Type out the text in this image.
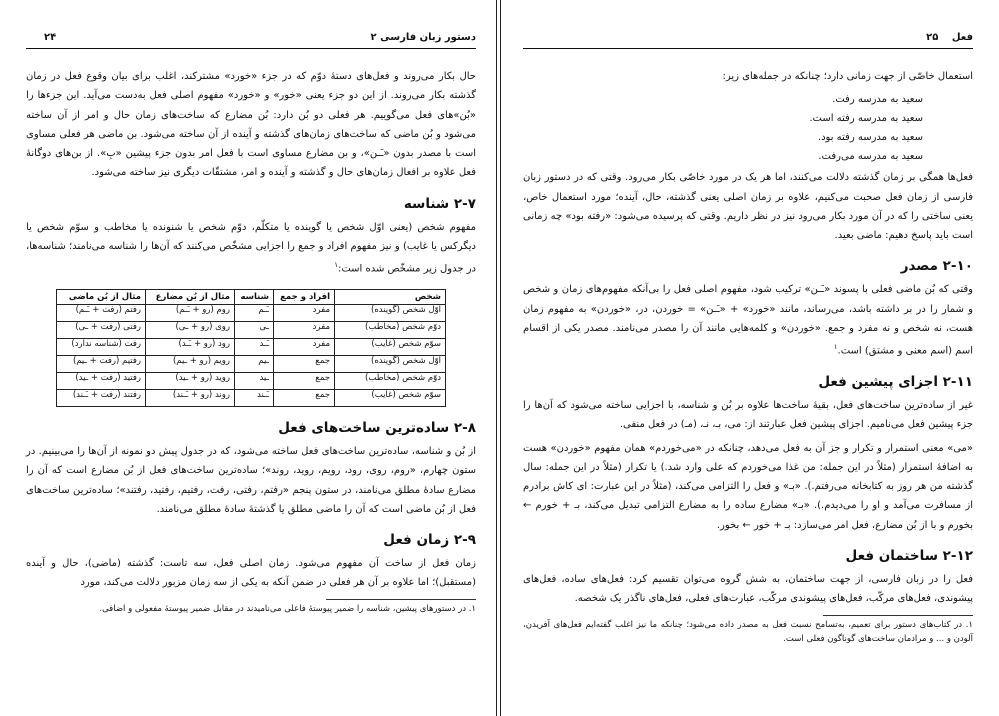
دستور زبان فارسی ۲
۲۴

حال بکار می‌روند و فعل‌های دستهٔ دوّم که در جزء «خورد» مشترکند، اغلب برای بیان وقوع فعل در زمان گذشته بکار می‌روند. از این دو جزء یعنی «خور» و «خورد» مفهوم اصلی فعل به‌دست می‌آید. این جزءها را «بُن‌»های فعل می‌گوییم. هر فعلی دو بُن دارد: بُن مضارع که ساخت‌های زمان حال و امر از آن ساخته می‌شود و بُن ماضی که ساخت‌های زمان‌های گذشته و آینده از آن ساخته می‌شود. بن ماضی هر فعلی مساوی است با مصدر بدون «ـَـن»، و بن مضارع مساوی است با فعل امر بدون جزء پیشین «بِ». از بن‌های دوگانهٔ فعل علاوه بر افعال زمان‌های حال و گذشته و آینده و امر، مشتقّات دیگری نیز ساخته می‌شود.

۲-۷ شناسه

مفهوم شخص (یعنی اوّل شخص یا گوینده یا متکلّم، دوّم شخص یا شنونده یا مخاطب و سوّم شخص یا دیگرکس یا غایب) و نیز مفهوم افراد و جمع را اجزایی مشخّص می‌کنند که آن‌ها را شناسه می‌نامند؛ شناسه‌ها، در جدول زیر مشخّص شده است:$^۱$

شخص	افراد و جمع	شناسه	مثال از بُن مضارع	مثال از بُن ماضی
اوّل شخص (گوینده)	مفرد	ـَـم	روم (رو + ـَـم)	رفتم (رفت + ـَـم)
دوّم شخص (مخاطب)	مفرد	ـی	روی (رو + ـی)	رفتی (رفت + ـی)
سوّم شخص (غایب)	مفرد	ـَـد	رود (رو + ـَـد)	رفت (شناسه ندارد)
اوّل شخص (گوینده)	جمع	ـیم	رویم (رو + ـیم)	رفتیم (رفت + ـیم)
دوّم شخص (مخاطب)	جمع	ـید	روید (رو + ـید)	رفتید (رفت + ـید)
سوّم شخص (غایب)	جمع	ـَـند	روند (رو + ـَـند)	رفتند (رفت + ـَـند)
۲-۸ ساده‌ترین ساخت‌های فعل

از بُن و شناسه، ساده‌ترین ساخت‌های فعل ساخته می‌شود، که در جدول پیش دو نمونه از آن‌ها را می‌بینیم. در ستون چهارم، «روم، روی، رود، رویم، روید، روند»؛ ساده‌ترین ساخت‌های فعل از بُن مضارع است که آن را مضارع سادهٔ مطلق می‌نامند، در ستون پنجم «رفتم، رفتی، رفت، رفتیم، رفتید، رفتند»؛ ساده‌ترین ساخت‌های فعل از بُن ماضی است که آن را ماضی مطلق یا گذشتهٔ سادهٔ مطلق می‌نامند.

۲-۹ زمان فعل

زمان فعل از ساخت آن مفهوم می‌شود. زمان اصلی فعل، سه تاست: گذشته (ماضی)، حال و آینده (مستقبل)؛ اما علاوه بر آن هر فعلی در ضمن آنکه به یکی از سه زمان مزبور دلالت می‌کند، مورد

۱. در دستورهای پیشین، شناسه را ضمیر پیوستهٔ فاعلی می‌نامیدند در مقابل ضمیر پیوستهٔ مفعولی و اضافی.

فعل ۲۵

استعمال خاصّی از جهت زمانی دارد؛ چنانکه در جمله‌های زیر:

سعید به مدرسه رفت.
سعید به مدرسه رفته است.
سعید به مدرسه رفته بود.
سعید به مدرسه می‌رفت.

فعل‌ها همگی بر زمان گذشته دلالت می‌کنند، اما هر یک در مورد خاصّی بکار می‌رود. وقتی که در دستور زبان فارسی از زمان فعل صحبت می‌کنیم، علاوه بر زمان اصلی یعنی گذشته، حال، آینده؛ مورد استعمال خاص، یعنی ساختی را که در آن مورد بکار می‌رود نیز در نظر داریم. وقتی که پرسیده می‌شود: «رفته بود» چه زمانی است باید پاسخ دهیم: ماضی بعید.

۲-۱۰ مصدر

وقتی که بُن ماضی فعلی با پسوند «ـَـن» ترکیب شود، مفهوم اصلی فعل را بی‌آنکه مفهوم‌های زمان و شخص و شمار را در بر داشته باشد، می‌رساند، مانند «خورد» + «ـَـن» = خوردن، در، «خوردن» به مفهوم زمان هست، نه شخص و نه مفرد و جمع. «خوردن» و کلمه‌هایی مانند آن را مصدر می‌نامند. مصدر یکی از اقسام اسم (اسم معنی و مشتق) است.$^۱$

۲-۱۱ اجزای پیشین فعل

غیر از ساده‌ترین ساخت‌های فعل، بقیهٔ ساخت‌ها علاوه بر بُن و شناسه، با اجزایی ساخته می‌شود که آن‌ها را جزء پیشین فعل می‌نامیم. اجزای پیشین فعل عبارتند از: می، بـ، نـ، (مـ) در فعل منفی.

«می» معنی استمرار و تکرار و جز آن به فعل می‌دهد، چنانکه در «می‌خوردم» همان مفهوم «خوردن» هست به اضافهٔ استمرار (مثلاً در این جمله: من غذا می‌خوردم که علی وارد شد.) یا تکرار (مثلاً در این جمله: سال گذشته من هر روز به کتابخانه می‌رفتم.). «بـ» و فعل را التزامی می‌کند، (مثلاً در این عبارت: ای کاش برادرم از مسافرت می‌آمد و او را می‌دیدم.). «بـ» مضارع ساده را به مضارع التزامی تبدیل می‌کند، بـ + خورم ← بخورم و با از بُن مضارع، فعل امر می‌سازد: بـ + خور ← بخور.

۲-۱۲ ساختمان فعل

فعل را در زبان فارسی، از جهت ساختمان، به شش گروه می‌توان تقسیم کرد: فعل‌های ساده، فعل‌های پیشوندی، فعل‌های مرکّب، فعل‌های پیشوندی مرکّب، عبارت‌های فعلی، فعل‌های ناگذر یک شخصه.

۱. در کتاب‌های دستور برای تعمیم، به‌تسامح نسبت فعل به مصدر داده می‌شود؛ چنانکه ما نیز اغلب گفته‌ایم فعل‌های آفریدن، آلودن و ... و مرادمان ساخت‌های گوناگون فعلی است.
